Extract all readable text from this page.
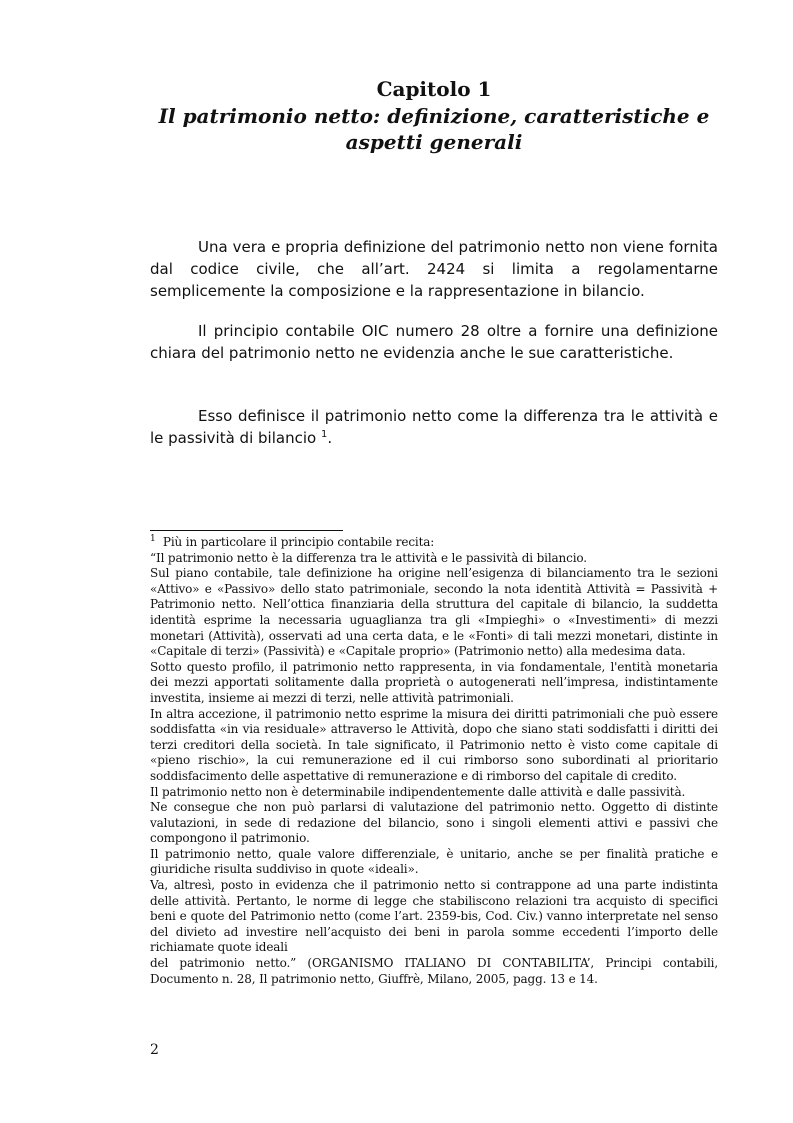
Capitolo 1
Il patrimonio netto: definizione, caratteristiche e aspetti generali

Una vera e propria definizione del patrimonio netto non viene fornita dal codice civile, che all’art. 2424 si limita a regolamentarne semplicemente la composizione e la rappresentazione in bilancio.

Il principio contabile OIC numero 28 oltre a fornire una definizione chiara del patrimonio netto ne evidenzia anche le sue caratteristiche.

Esso definisce il patrimonio netto come la differenza tra le attività e le passività di bilancio $^1$.

$^1$ Più in particolare il principio contabile recita:

“Il patrimonio netto è la differenza tra le attività e le passività di bilancio.

Sul piano contabile, tale definizione ha origine nell’esigenza di bilanciamento tra le sezioni «Attivo» e «Passivo» dello stato patrimoniale, secondo la nota identità Attività = Passività + Patrimonio netto. Nell’ottica finanziaria della struttura del capitale di bilancio, la suddetta identità esprime la necessaria uguaglianza tra gli «Impieghi» o «Investimenti» di mezzi monetari (Attività), osservati ad una certa data, e le «Fonti» di tali mezzi monetari, distinte in «Capitale di terzi» (Passività) e «Capitale proprio» (Patrimonio netto) alla medesima data.

Sotto questo profilo, il patrimonio netto rappresenta, in via fondamentale, l'entità monetaria dei mezzi apportati solitamente dalla proprietà o autogenerati nell’impresa, indistintamente investita, insieme ai mezzi di terzi, nelle attività patrimoniali.

In altra accezione, il patrimonio netto esprime la misura dei diritti patrimoniali che può essere soddisfatta «in via residuale» attraverso le Attività, dopo che siano stati soddisfatti i diritti dei terzi creditori della società. In tale significato, il Patrimonio netto è visto come capitale di «pieno rischio», la cui remunerazione ed il cui rimborso sono subordinati al prioritario soddisfacimento delle aspettative di remunerazione e di rimborso del capitale di credito.

Il patrimonio netto non è determinabile indipendentemente dalle attività e dalle passività.

Ne consegue che non può parlarsi di valutazione del patrimonio netto. Oggetto di distinte valutazioni, in sede di redazione del bilancio, sono i singoli elementi attivi e passivi che compongono il patrimonio.

Il patrimonio netto, quale valore differenziale, è unitario, anche se per finalità pratiche e giuridiche risulta suddiviso in quote «ideali».

Va, altresì, posto in evidenza che il patrimonio netto si contrappone ad una parte indistinta delle attività. Pertanto, le norme di legge che stabiliscono relazioni tra acquisto di specifici beni e quote del Patrimonio netto (come l’art. 2359-bis, Cod. Civ.) vanno interpretate nel senso del divieto ad investire nell’acquisto dei beni in parola somme eccedenti l’importo delle richiamate quote ideali

del patrimonio netto.” (ORGANISMO ITALIANO DI CONTABILITA’, Principi contabili, Documento n. 28, Il patrimonio netto, Giuffrè, Milano, 2005, pagg. 13 e 14.

2
